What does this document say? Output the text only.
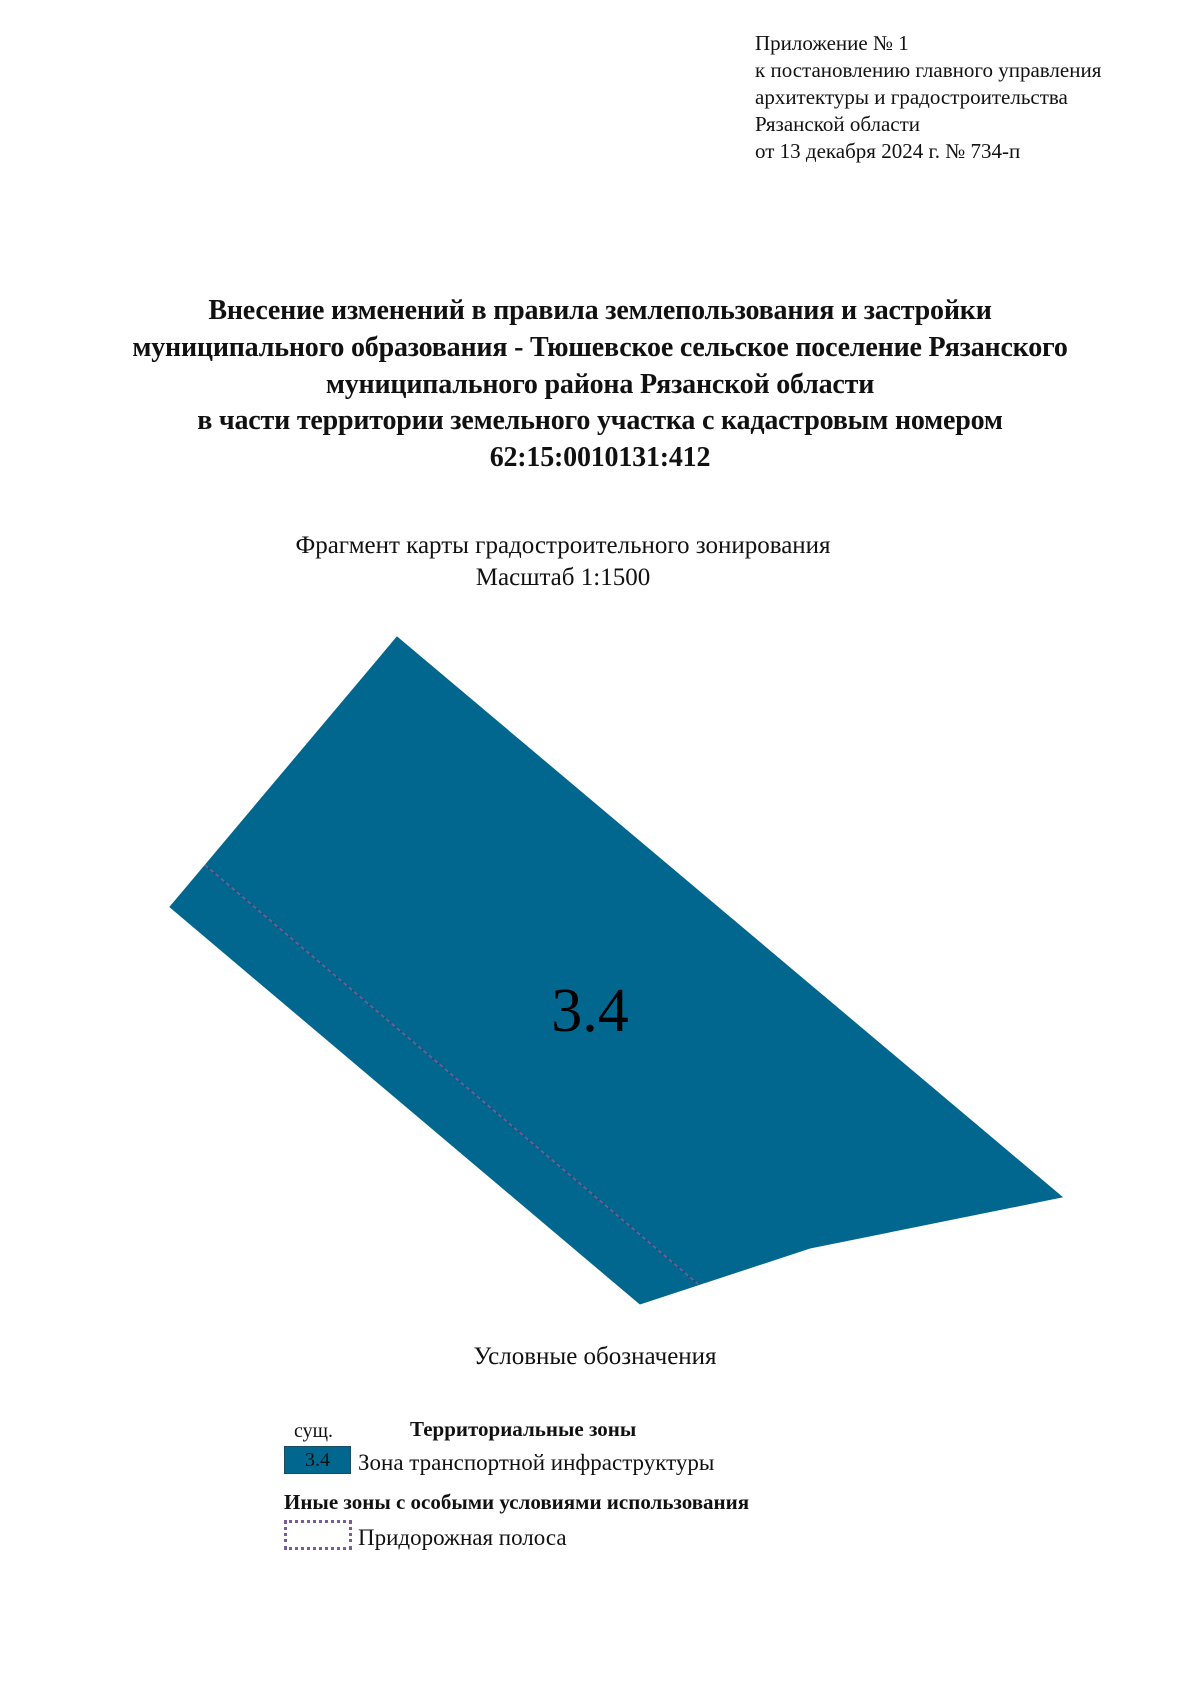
Приложение № 1
к постановлению главного управления
архитектуры и градостроительства
Рязанской области
от 13 декабря 2024 г. № 734-п
Внесение изменений в правила землепользования и застройки
муниципального образования - Тюшевское сельское поселение Рязанского
муниципального района Рязанской области
в части территории земельного участка с кадастровым номером
62:15:0010131:412
Фрагмент карты градостроительного зонирования
Масштаб 1:1500
3.4
Условные обозначения
сущ.	Территориальные зоны
3.4	Зона транспортной инфраструктуры
Иные зоны с особыми условиями использования
Придорожная полоса
